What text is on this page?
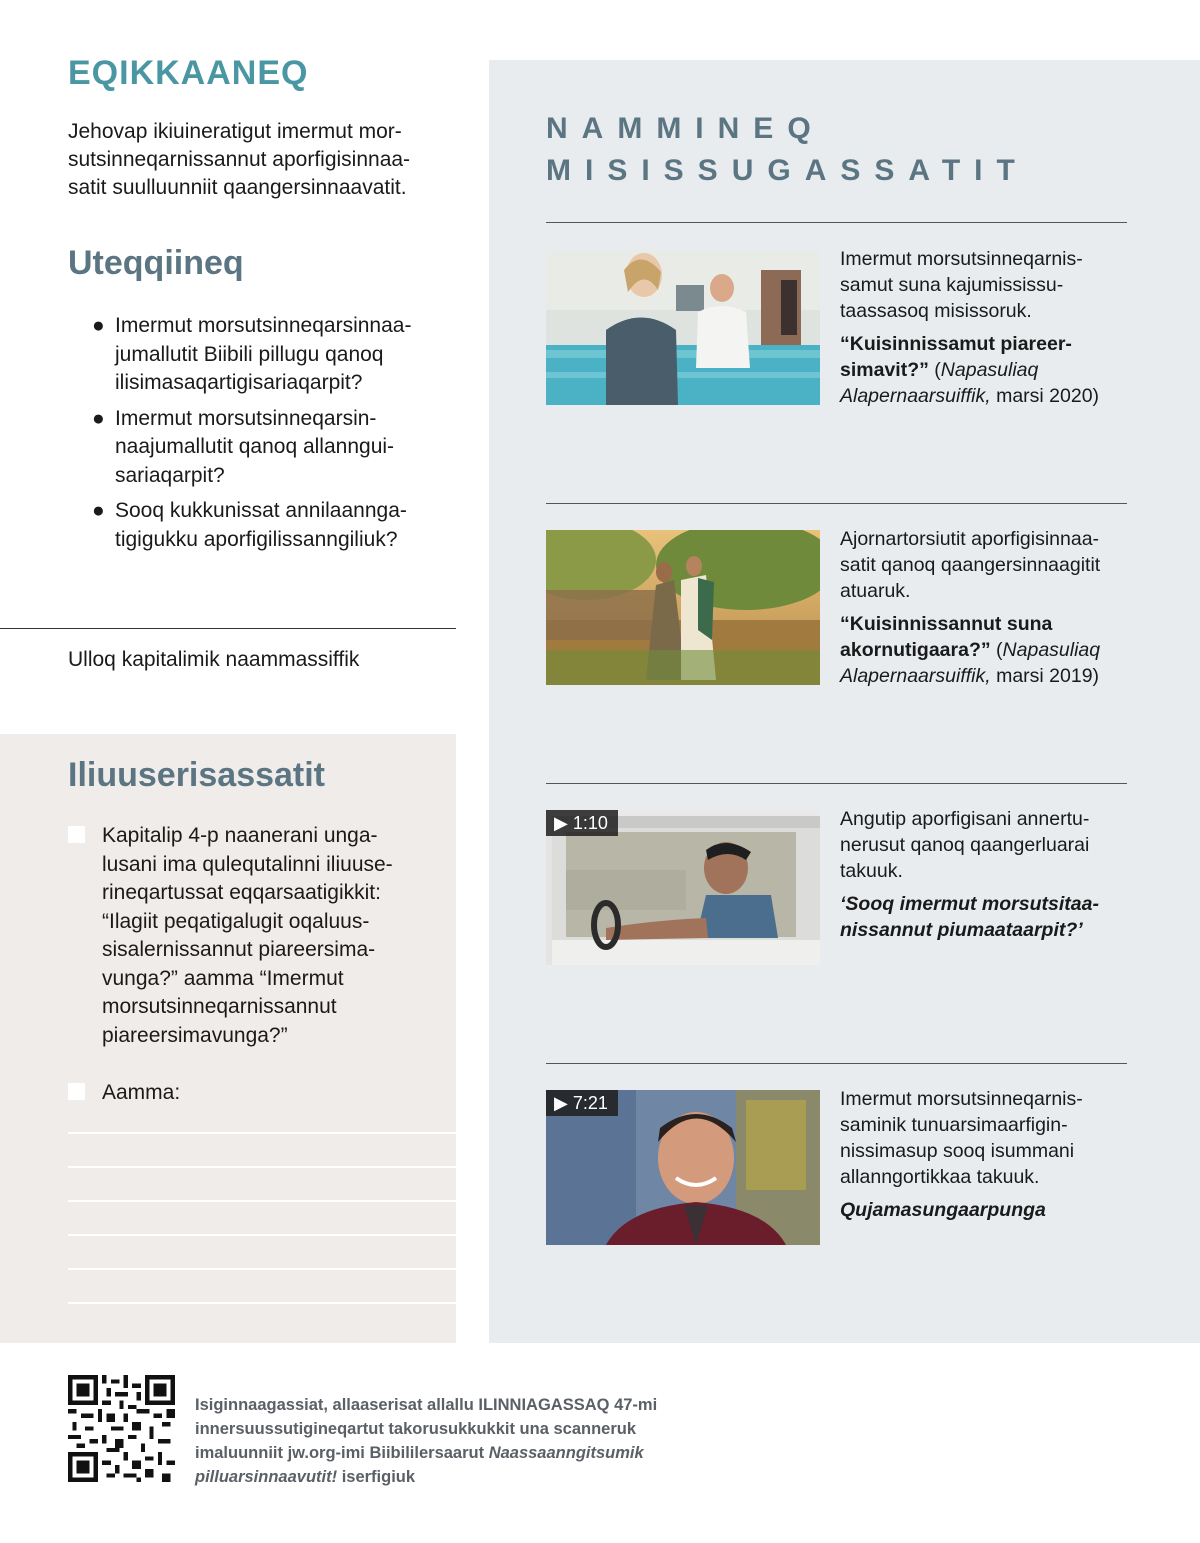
EQIKKAANEQ
Jehovap ikiuineratigut imermut mor-
sutsinneqarnissannut aporfigisinnaa-
satit suulluunniit qaangersinnaavatit.
Uteqqiineq
● Imermut morsutsinneqarsinnaa-
jumallutit Biibili pillugu qanoq
ilisimasaqartigisariaqarpit?
● Imermut morsutsinneqarsin-
naajumallutit qanoq allanngui-
sariaqarpit?
● Sooq kukkunissat annilaannga-
tigigukku aporfigilissanngiliuk?
Ulloq kapitalimik naammassiffik
Iliuuserisassatit
Kapitalip 4-p naanerani unga-
lusani ima qulequtalinni iliuuse-
rineqartussat eqqarsaatigikkit:
“Ilagiit peqatigalugit oqaluus-
sisalernissannut piareersima-
vunga?” aamma “Imermut
morsutsinneqarnissannut
piareersimavunga?”
Aamma:
NAMMINEQ
MISISSUGASSATIT
Imermut morsutsinneqarnis-
samut suna kajumississu-
taassasoq misissoruk.
“Kuisinnissamut piareer-
simavit?” (Napasuliaq
Alapernaarsuiffik, marsi 2020)
Ajornartorsiutit aporfigisinnaa-
satit qanoq qaangersinnaagitit
atuaruk.
“Kuisinnissannut suna
akornutigaara?” (Napasuliaq
Alapernaarsuiffik, marsi 2019)
▶ 1:10	Angutip aporfigisani annertu-
nerusut qanoq qaangerluarai
takuuk.
‘Sooq imermut morsutsitaa-
nissannut piumaataarpit?’
▶ 7:21	Imermut morsutsinneqarnis-
saminik tunuarsimaarfigin-
nissimasup sooq isummani
allanngortikkaa takuuk.
Qujamasungaarpunga
Isiginnaagassiat, allaaserisat allallu ILINNIAGASSAQ 47-mi
innersuussutigineqartut takorusukkukkit una scanneruk
imaluunniit jw.org-imi Biibililersaarut Naassaanngitsumik
pilluarsinnaavutit! iserfigiuk
